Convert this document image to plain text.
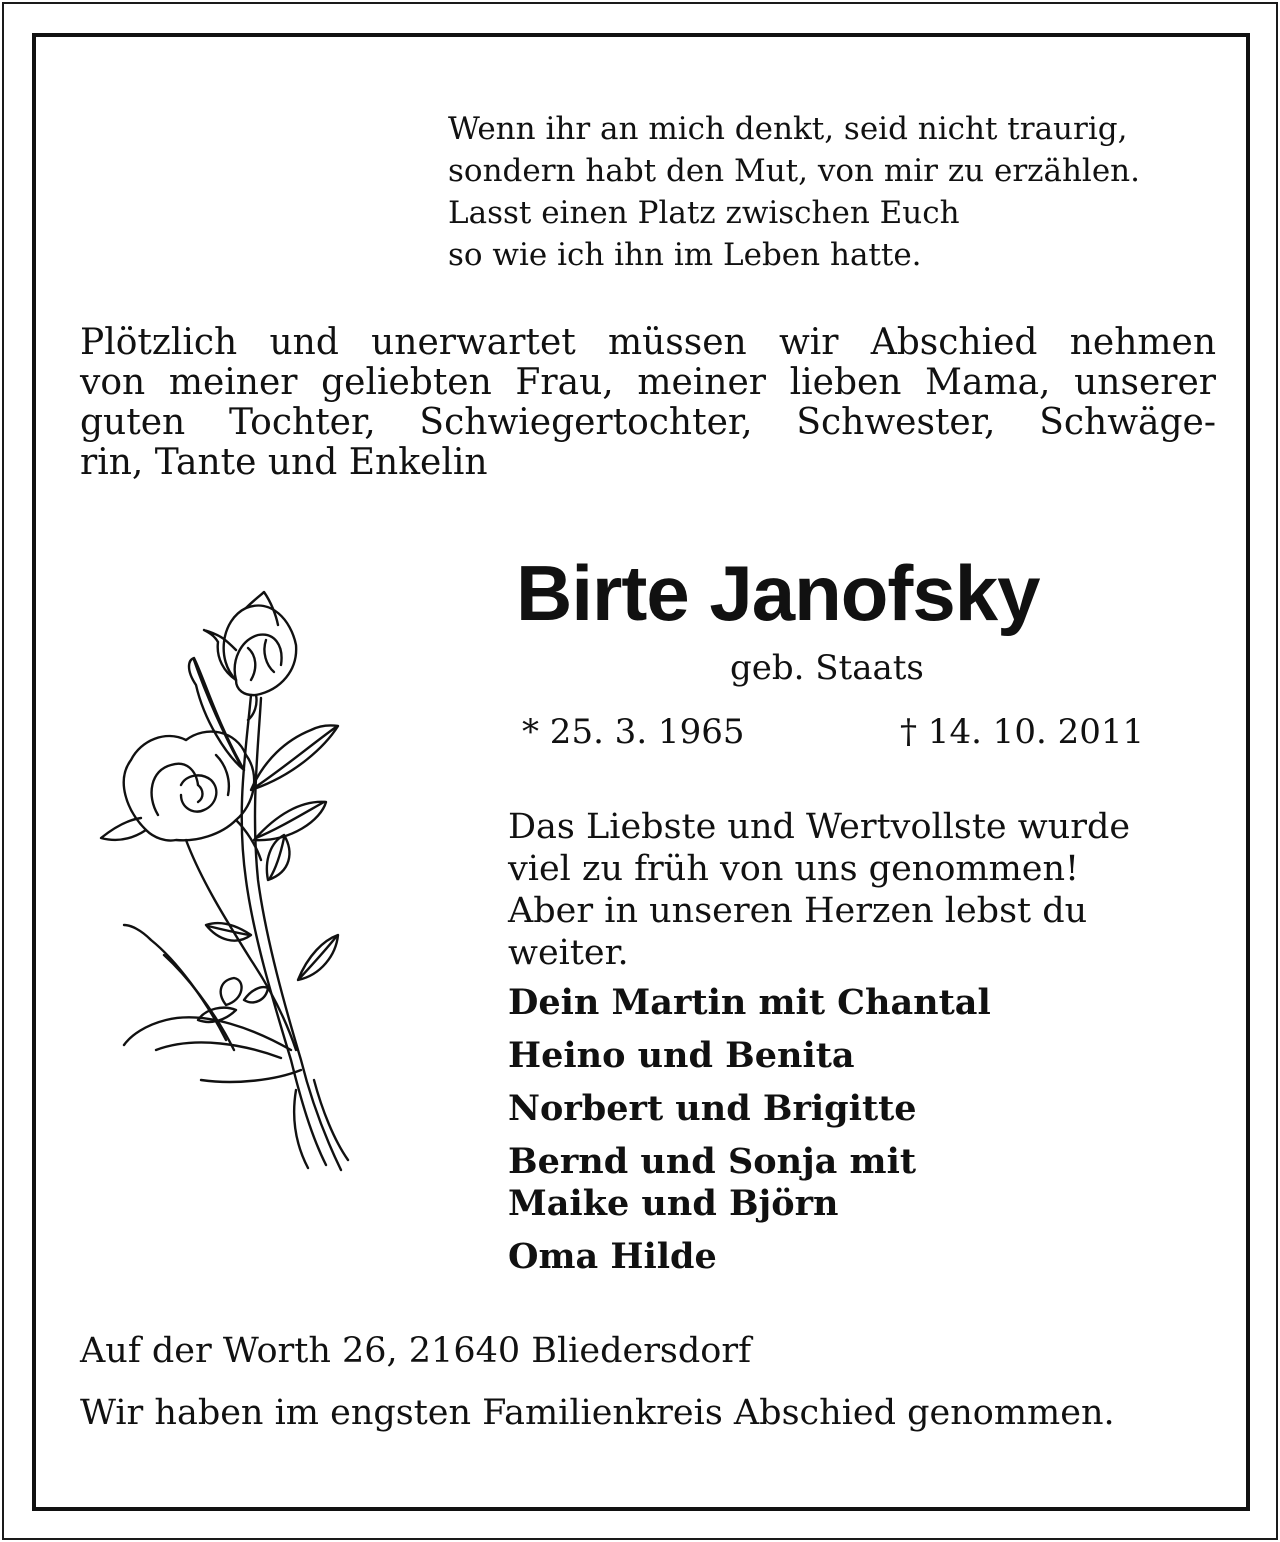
Wenn ihr an mich denkt, seid nicht traurig,
sondern habt den Mut, von mir zu erzählen.
Lasst einen Platz zwischen Euch
so wie ich ihn im Leben hatte.
Plötzlich und unerwartet müssen wir Abschied nehmen
von meiner geliebten Frau, meiner lieben Mama, unserer
guten Tochter, Schwiegertochter, Schwester, Schwäge-
rin, Tante und Enkelin
Birte Janofsky
geb. Staats
* 25. 3. 1965	† 14. 10. 2011
Das Liebste und Wertvollste wurde
viel zu früh von uns genommen!
Aber in unseren Herzen lebst du
weiter.
Dein Martin mit Chantal
Heino und Benita
Norbert und Brigitte
Bernd und Sonja mit
Maike und Björn
Oma Hilde
Auf der Worth 26, 21640 Bliedersdorf
Wir haben im engsten Familienkreis Abschied genommen.
